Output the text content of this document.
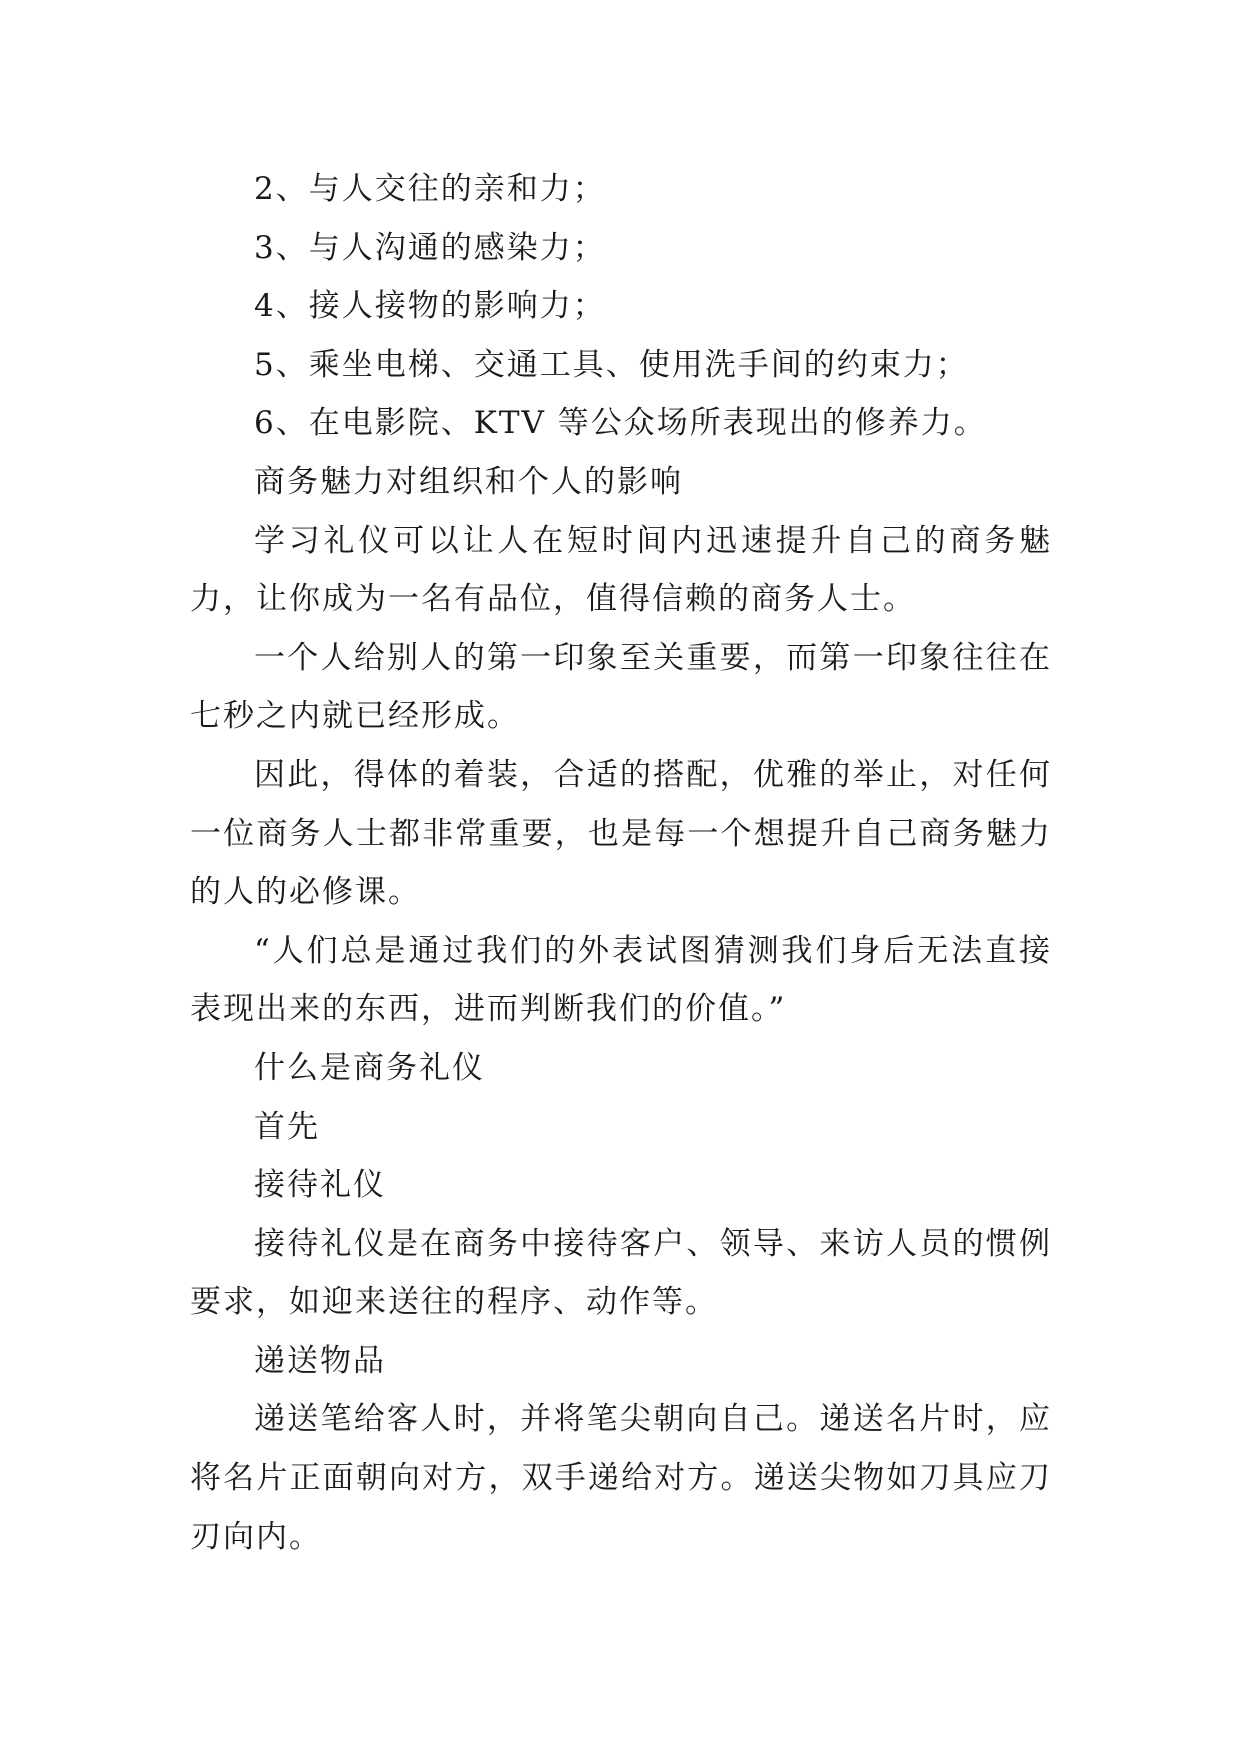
2、与人交往的亲和力；
3、与人沟通的感染力；
4、接人接物的影响力；
5、乘坐电梯、交通工具、使用洗手间的约束力；
6、在电影院、KTV 等公众场所表现出的修养力。
商务魅力对组织和个人的影响

学习礼仪可以让人在短时间内迅速提升自己的商务魅力，让你成为一名有品位，值得信赖的商务人士。

一个人给别人的第一印象至关重要，而第一印象往往在七秒之内就已经形成。

因此，得体的着装，合适的搭配，优雅的举止，对任何一位商务人士都非常重要，也是每一个想提升自己商务魅力的人的必修课。

“人们总是通过我们的外表试图猜测我们身后无法直接表现出来的东西，进而判断我们的价值。”

什么是商务礼仪
首先
接待礼仪

接待礼仪是在商务中接待客户、领导、来访人员的惯例要求，如迎来送往的程序、动作等。

递送物品

递送笔给客人时，并将笔尖朝向自己。递送名片时，应将名片正面朝向对方，双手递给对方。递送尖物如刀具应刀刃向内。
